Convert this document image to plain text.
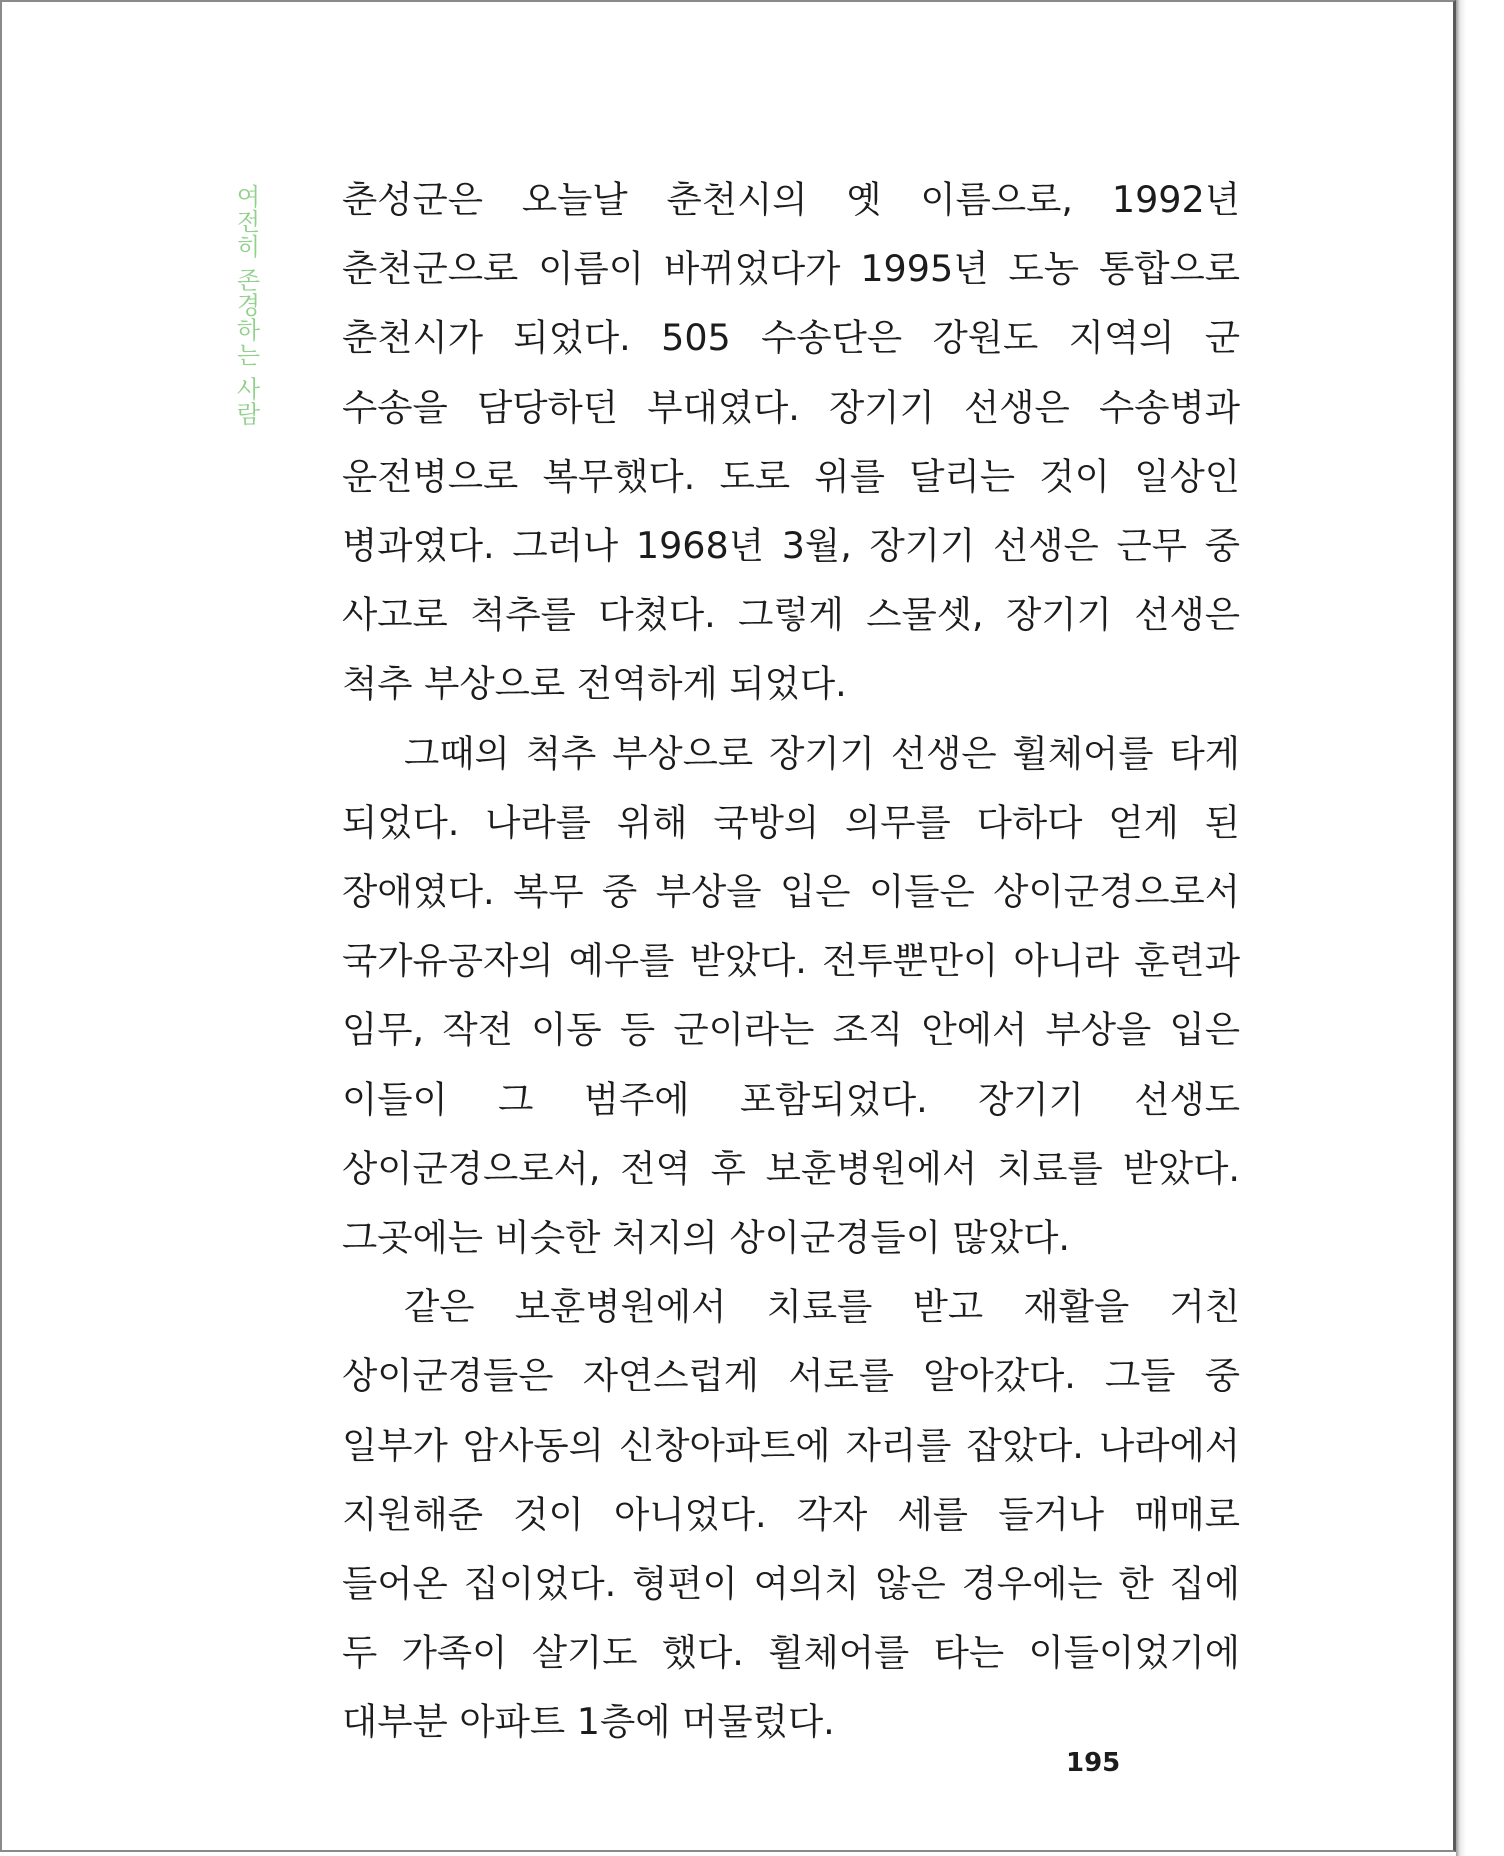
여전히 존경하는 사람 춘성군은 오늘날 춘천시의 옛 이름으로, 1992년 춘천군으로 이름이 바뀌었다가 1995년 도농 통합으로 춘천시가 되었다. 505 수송단은 강원도 지역의 군 수송을 담당하던 부대였다. 장기기 선생은 수송병과 운전병으로 복무했다. 도로 위를 달리는 것이 일상인 병과였다. 그러나 1968년 3월, 장기기 선생은 근무 중 사고로 척추를 다쳤다. 그렇게 스물셋, 장기기 선생은 척추 부상으로 전역하게 되었다.

그때의 척추 부상으로 장기기 선생은 휠체어를 타게 되었다. 나라를 위해 국방의 의무를 다하다 얻게 된 장애였다. 복무 중 부상을 입은 이들은 상이군경으로서 국가유공자의 예우를 받았다. 전투뿐만이 아니라 훈련과 임무, 작전 이동 등 군이라는 조직 안에서 부상을 입은 이들이 그 범주에 포함되었다. 장기기 선생도 상이군경으로서, 전역 후 보훈병원에서 치료를 받았다. 그곳에는 비슷한 처지의 상이군경들이 많았다.

같은 보훈병원에서 치료를 받고 재활을 거친 상이군경들은 자연스럽게 서로를 알아갔다. 그들 중 일부가 암사동의 신창아파트에 자리를 잡았다. 나라에서 지원해준 것이 아니었다. 각자 세를 들거나 매매로 들어온 집이었다. 형편이 여의치 않은 경우에는 한 집에 두 가족이 살기도 했다. 휠체어를 타는 이들이었기에 대부분 아파트 1층에 머물렀다.

195
